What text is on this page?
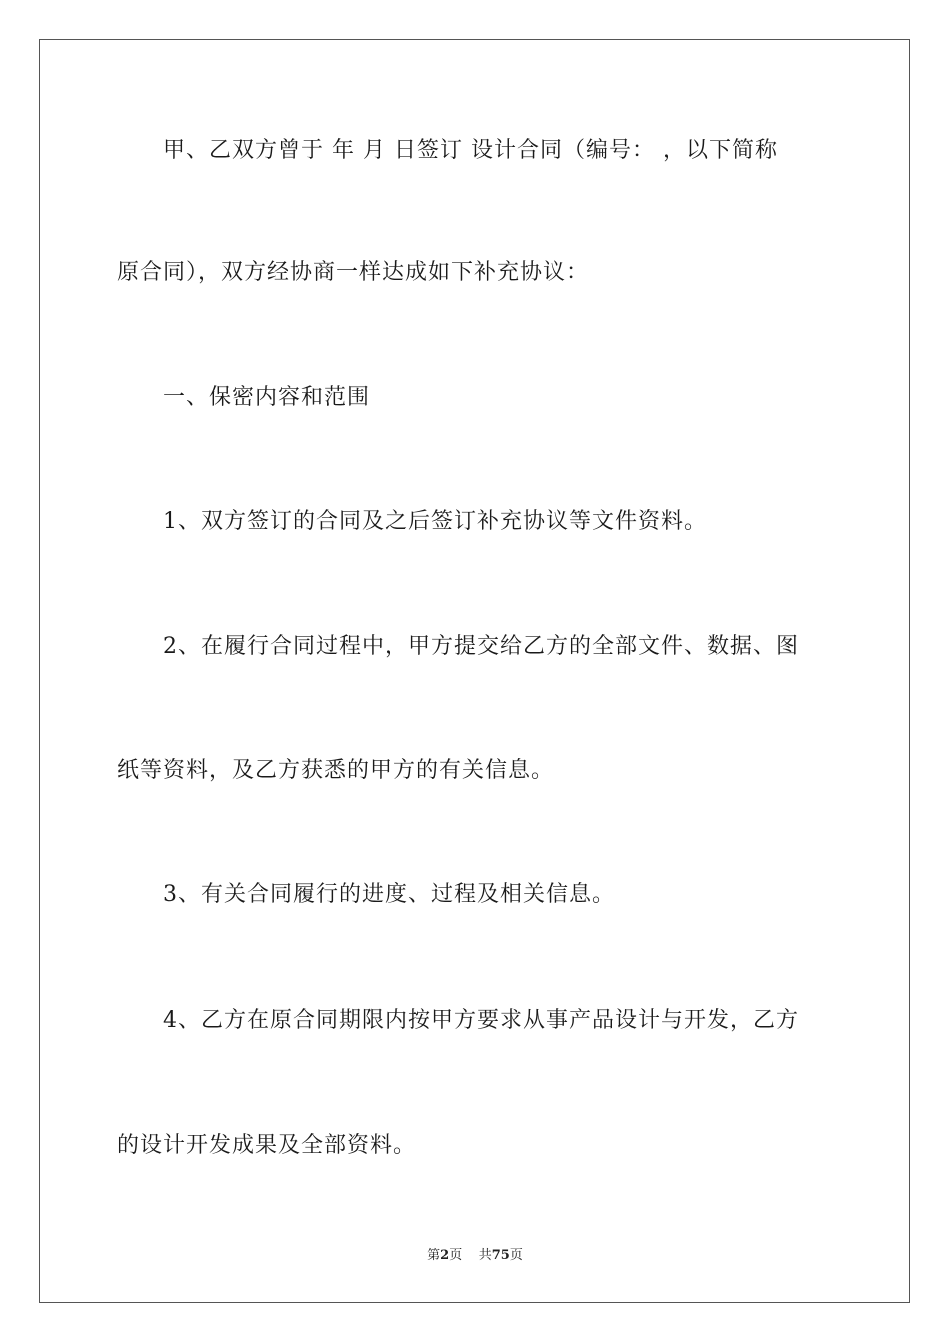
甲、乙双方曾于 年 月 日签订 设计合同（编号： ，以下简称
原合同），双方经协商一样达成如下补充协议：
一、保密内容和范围
1、双方签订的合同及之后签订补充协议等文件资料。
2、在履行合同过程中，甲方提交给乙方的全部文件、数据、图
纸等资料，及乙方获悉的甲方的有关信息。
3、有关合同履行的进度、过程及相关信息。
4、乙方在原合同期限内按甲方要求从事产品设计与开发，乙方
的设计开发成果及全部资料。
第2页 共75页
